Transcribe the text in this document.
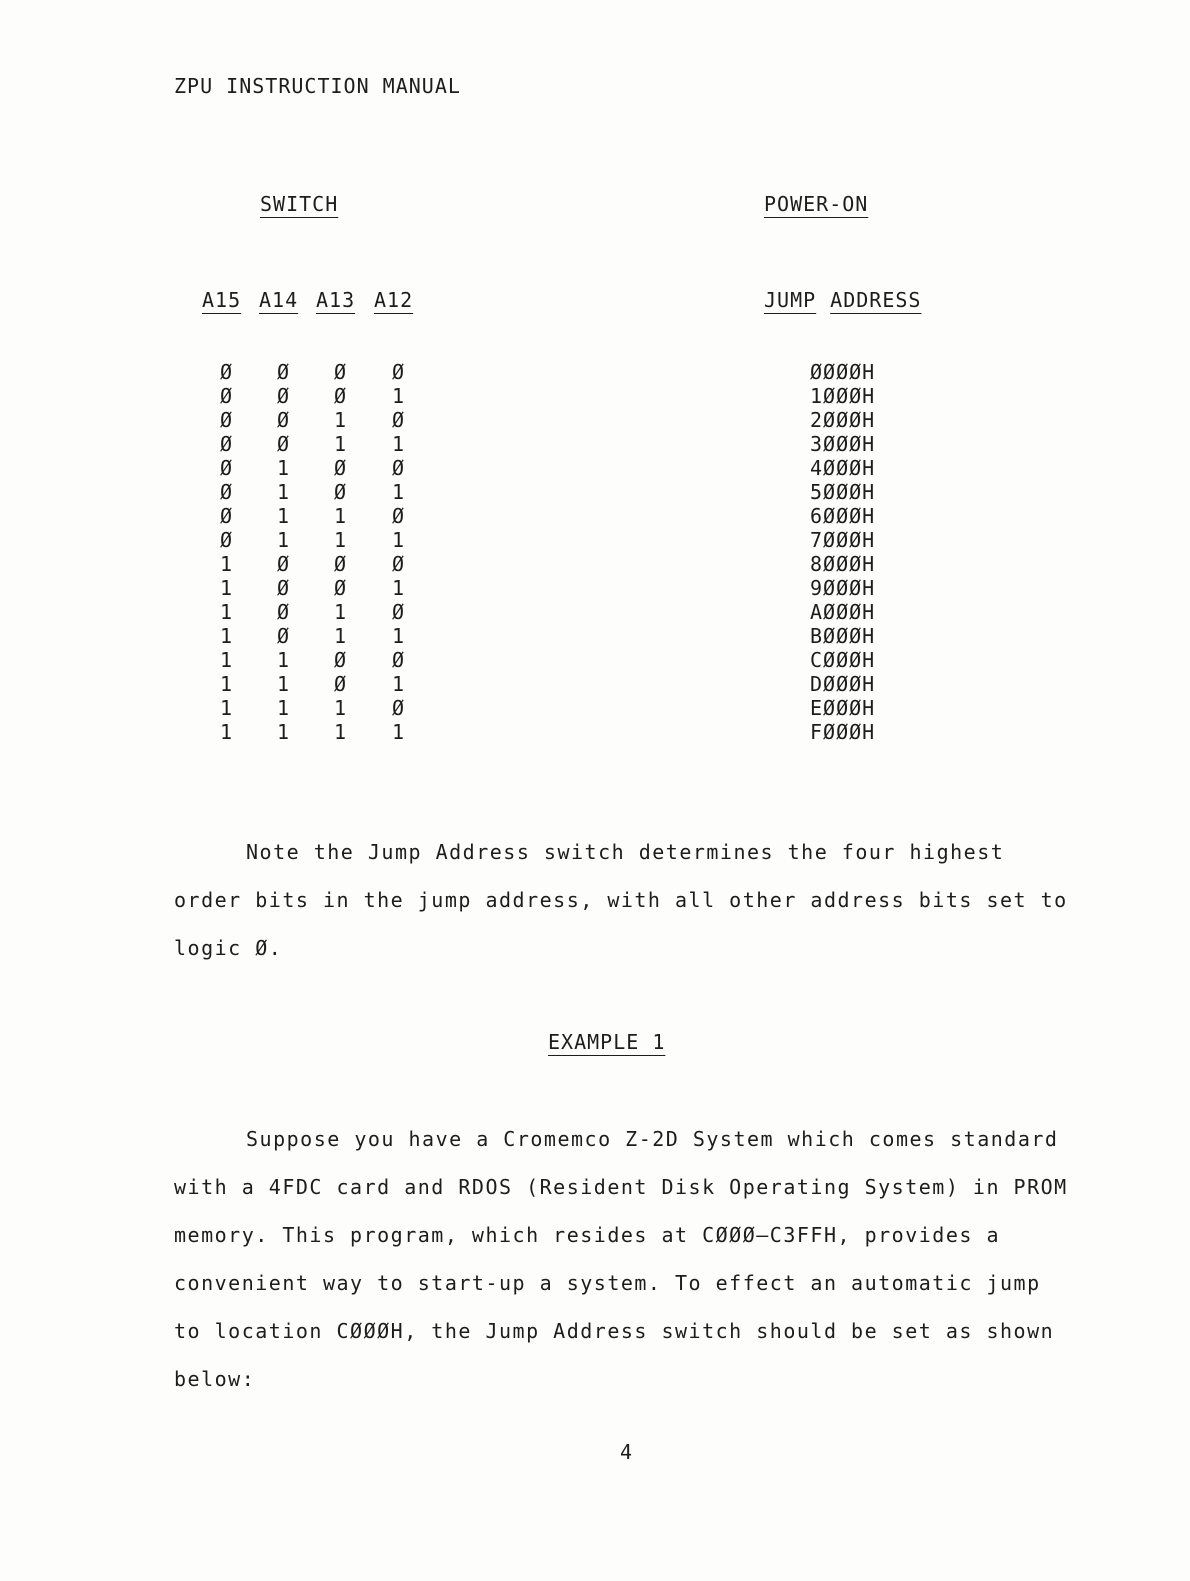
ZPU INSTRUCTION MANUAL
SWITCH	POWER-ON
A15 A14 A13 A12	JUMP ADDRESS
Ø Ø Ø Ø	ØØØØH
Ø Ø Ø 1	1ØØØH
Ø Ø 1 Ø	2ØØØH
Ø Ø 1 1	3ØØØH
Ø 1 Ø Ø	4ØØØH
Ø 1 Ø 1	5ØØØH
Ø 1 1 Ø	6ØØØH
Ø 1 1 1	7ØØØH
1 Ø Ø Ø	8ØØØH
1 Ø Ø 1	9ØØØH
1 Ø 1 Ø	AØØØH
1 Ø 1 1	BØØØH
1 1 Ø Ø	CØØØH
1 1 Ø 1	DØØØH
1 1 1 Ø	EØØØH
1 1 1 1	FØØØH

Note the Jump Address switch determines the four highest order bits in the jump address, with all other address bits set to logic Ø.

EXAMPLE 1

Suppose you have a Cromemco Z-2D System which comes standard with a 4FDC card and RDOS (Resident Disk Operating System) in PROM memory. This program, which resides at CØØØ–C3FFH, provides a convenient way to start-up a system. To effect an automatic jump to location CØØØH, the Jump Address switch should be set as shown below:

4
